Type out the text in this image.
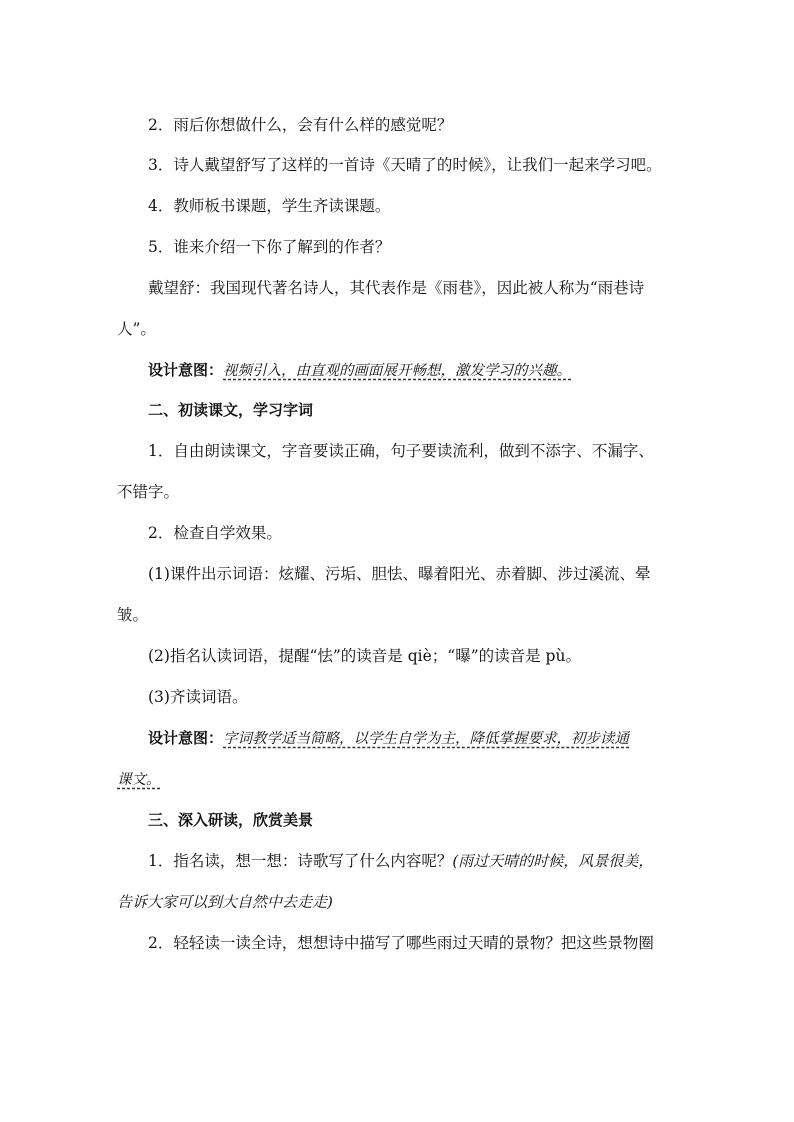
2．雨后你想做什么，会有什么样的感觉呢？

3．诗人戴望舒写了这样的一首诗《天晴了的时候》，让我们一起来学习吧。

4．教师板书课题，学生齐读课题。

5．谁来介绍一下你了解到的作者？

戴望舒：我国现代著名诗人，其代表作是《雨巷》，因此被人称为“雨巷诗

人”。

设计意图：视频引入，由直观的画面展开畅想，激发学习的兴趣。

二、初读课文，学习字词

1．自由朗读课文，字音要读正确，句子要读流利，做到不添字、不漏字、

不错字。

2．检查自学效果。

(1)课件出示词语：炫耀、污垢、胆怯、曝着阳光、赤着脚、涉过溪流、晕

皱。

(2)指名认读词语，提醒“怯”的读音是 qiè；“曝”的读音是 pù。

(3)齐读词语。

设计意图：字词教学适当简略，以学生自学为主，降低掌握要求，初步读通

课文。

三、深入研读，欣赏美景

1．指名读，想一想：诗歌写了什么内容呢？(雨过天晴的时候，风景很美，

告诉大家可以到大自然中去走走)

2．轻轻读一读全诗，想想诗中描写了哪些雨过天晴的景物？把这些景物圈
